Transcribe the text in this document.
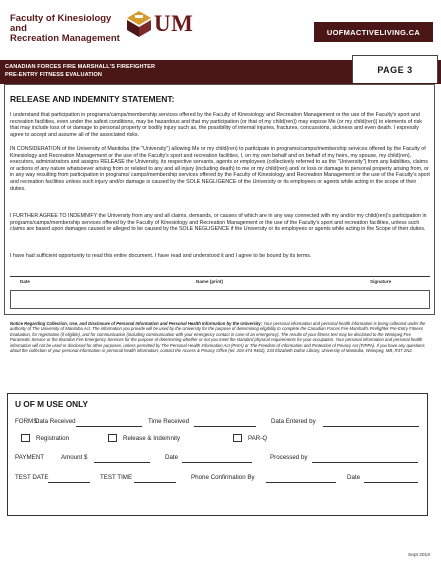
Faculty of Kinesiology and
Recreation Management
UM	UOFMACTIVELIVING.CA
CANADIAN FORCES FIRE MARSHALL'S FIREFIGHTER
PRE-ENTRY FITNESS EVALUATION
PAGE 3
RELEASE AND INDEMNITY STATEMENT:
I understand that participation in programs/camps/membership services offered by the Faculty of Kinesiology and Recreation Management or the use of the Faculty's sport and recreation facilities, even under the safest conditions, may be hazardous and that my participation (or that of my child(ren)) may expose Me (or my child(ren)) to elements of risk that may include loss of or damage to personal property or bodily injury such as, the possibility of internal injuries, fractures, concussions, sickness and even death. I expressly agree to accept and assume all of the associated risks.
IN CONSIDERATION of the University of Manitoba (the "University") allowing Me or my child(ren) to participate in programs/camps/membership services offered by the Faculty of Kinesiology and Recreation Management or the use of the Faculty's sport and recreation facilities, I, on my own behalf and on behalf of my heirs, my spouse, my child(ren), executors, administrators and assigns RELEASE the University, its respective servants, agents or employees (collectively referred to as the "University") from any liabilities, claims or actions of any nature whatsoever arising from or related to any and all injury (including death) to me or my child(ren) and/ or loss or damage to personal property arising from, or in any way resulting from participation in programs/ camps/membership services offered by the Faculty of Kinesiology and Recreation Management or the use of the Faculty's sport and recreation facilities unless such injury and/or damage is caused by the SOLE NEGLIGENCE of the University or its employees or agents while acting in the scope of their duties.
I FURTHER AGREE TO INDEMNIFY the University from any and all claims, demands, or causes of which are in any way connected with my and/or my child(ren)'s participation in programs/camps/membership services offered by the Faculty of Kinesiology and Recreation Management or the use of the Faculty's sport and recreation facilities, unless such claims are based upon damages caused or alleged to be caused by the SOLE NEGLIGENCE if the University or its employees or agents while acting in the Scope of their duties.
I have had sufficient opportunity to read this entire document. I have read and understood it and I agree to be bound by its terms.
Date	Name (print)	Signature
Notice Regarding Collection, Use, and Disclosure of Personal Information and Personal Health Information by the University: Your personal information and personal health information is being collected under the authority of The University of Manitoba Act. The information you provide will be used by the University for the purpose of determining eligibility to complete the Canadian Forces Fire Marshall's Firefighter Pre-Entry Fitness Evaluation, for registration (if eligible), and for communication (including communication with your emergency contact in case of an emergency). The results of your fitness test may be disclosed to the Winnipeg Fire Paramedic Service or the Brandon Fire Emergency Services for the purpose of determining whether or not you meet the standard physical requirements for your occupation. Your personal information and personal health information will not be used or disclosed for other purposes, unless permitted by The Personal Health Information Act (PHIA) or The Freedom of Information and Protection of Privacy Act (FIPPA). If you have any questions about the collection of your personal information or personal health information, contact the Access & Privacy Office (tel. 204-474-9462), 233 Elizabeth Dafoe Library, University of Manitoba, Winnipeg, MB, R3T 2N2.
U OF M USE ONLY
FORMS:
Data Received	Time Received	Data Entered by
Registration	Release & Indemnity	PAR-Q
PAYMENT	Amount $	Date	Processed by
TEST DATE	TEST TIME	Phone Confirmation By	Date
Sept 2019
